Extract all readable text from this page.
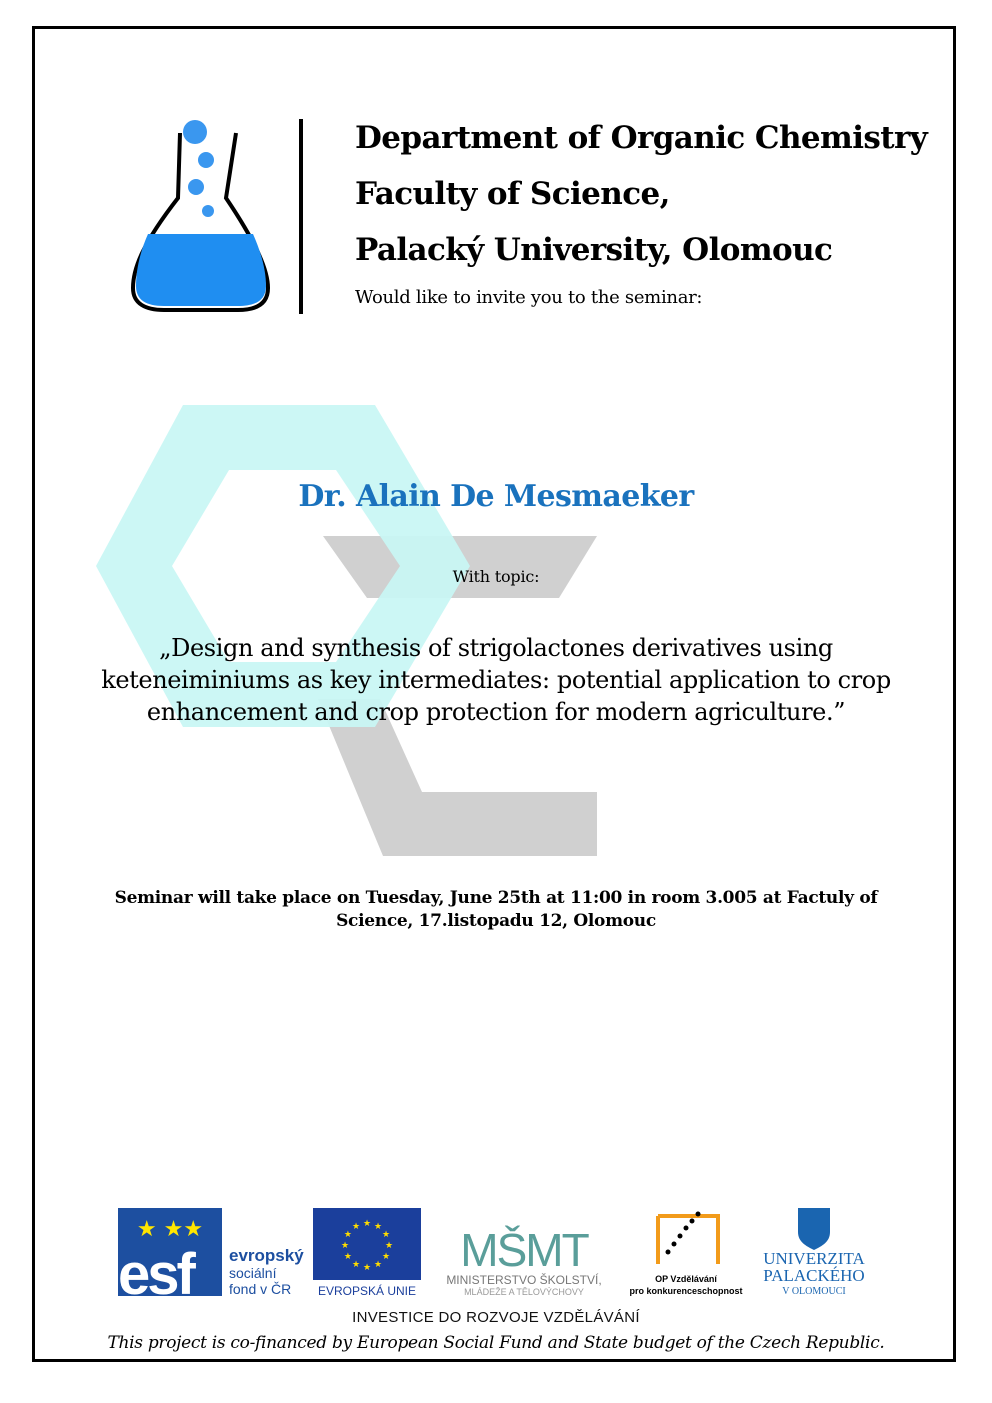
Department of Organic Chemistry
Faculty of Science,
Palacký University, Olomouc
Would like to invite you to the seminar:
Dr. Alain De Mesmaeker
With topic:
„Design and synthesis of strigolactones derivatives using keteneiminiums as key intermediates: potential application to crop enhancement and crop protection for modern agriculture.”
Seminar will take place on Tuesday, June 25th at 11:00 in room 3.005 at Factuly of Science, 17.listopadu 12, Olomouc
★ ★★
esf evropský
sociální
fond v ČR
★ ★
★
★
★
★
★
★
★
★
★
★
EVROPSKÁ UNIE
MŠMT
MINISTERSTVO ŠKOLSTVÍ,
MLÁDEŽE A TĚLOVÝCHOVY
OP Vzdělávání
pro konkurenceschopnost
UNIVERZITA
PALACKÉHO
V OLOMOUCI
INVESTICE DO ROZVOJE VZDĚLÁVÁNÍ
This project is co-financed by European Social Fund and State budget of the Czech Republic.
